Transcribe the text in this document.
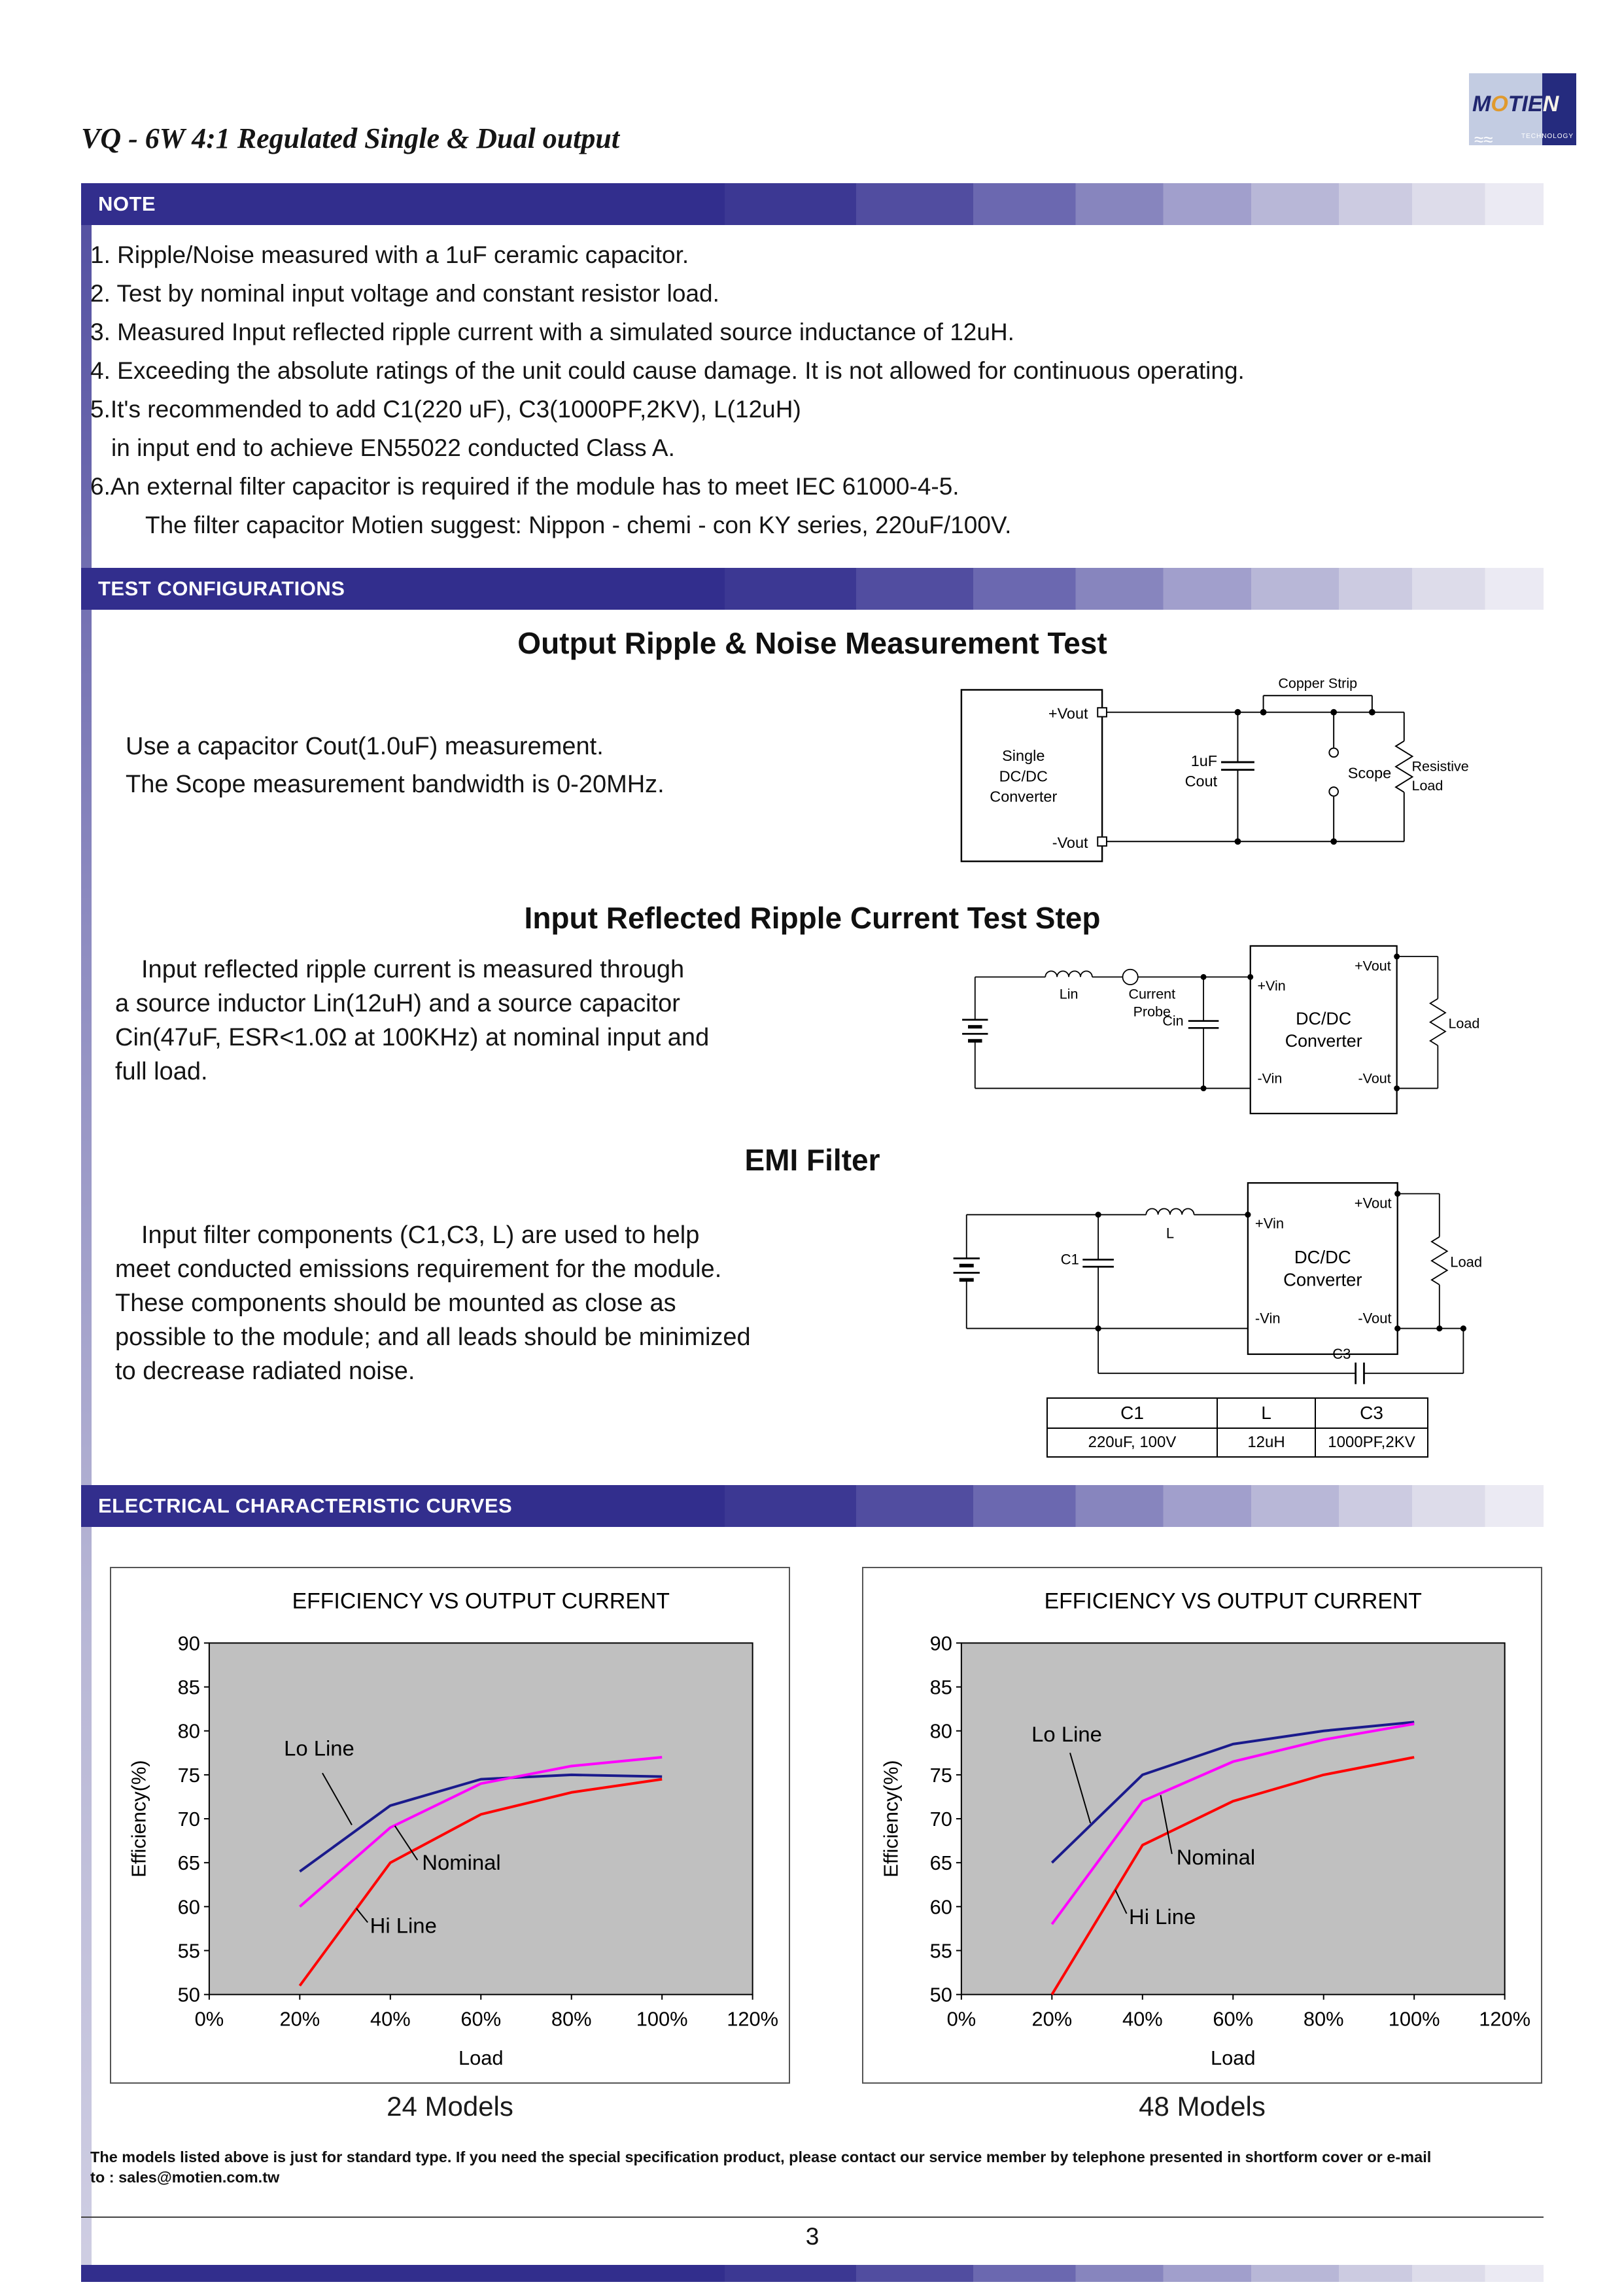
VQ - 6W 4:1 Regulated Single & Dual output	≈≈
MOTIEN
TECHNOLOGY
NOTE
1. Ripple/Noise measured with a 1uF ceramic capacitor.
2. Test by nominal input voltage and constant resistor load.
3. Measured Input reflected ripple current with a simulated source inductance of 12uH.
4. Exceeding the absolute ratings of the unit could cause damage. It is not allowed for continuous operating.
5.It's recommended to add C1(220 uF), C3(1000PF,2KV), L(12uH)
in input end to achieve EN55022 conducted Class A.
6.An external filter capacitor is required if the module has to meet IEC 61000-4-5.
The filter capacitor Motien suggest: Nippon - chemi - con KY series, 220uF/100V.
TEST CONFIGURATIONS
Output Ripple & Noise Measurement Test
Use a capacitor Cout(1.0uF) measurement.
The Scope measurement bandwidth is 0-20MHz.
Single
DC/DC
Converter
+Vout
-Vout
Copper Strip
1uF
Cout	Scope Resistive
Load
Input Reflected Ripple Current Test Step
Input reflected ripple current is measured through
a source inductor Lin(12uH) and a source capacitor
Cin(47uF, ESR<1.0Ω at 100KHz) at nominal input and
full load.
Lin	Current
Probe
Cin
+Vin
-Vin
+Vout
-Vout
DC/DC
Converter
Load
EMI Filter
Input filter components (C1,C3, L) are used to help
meet conducted emissions requirement for the module.
These components should be mounted as close as
possible to the module; and all leads should be minimized
to decrease radiated noise.
C1
L
+Vin
-Vin
+Vout
-Vout
DC/DC
Converter
Load
C3
C1	L	C3
220uF, 100V	12uH	1000PF,2KV
ELECTRICAL CHARACTERISTIC CURVES
EFFICIENCY VS OUTPUT CURRENT
50
55
60
65
70
75
80
85
90
0%	20% 40% 60% 80% 100% 120%
Load
Efficiency(%)
Lo Line
Nominal
Hi Line
EFFICIENCY VS OUTPUT CURRENT
50
55
60
65
70
75
80
85
90
0%	20% 40% 60% 80% 100% 120%
Load
Efficiency(%)
Lo Line
Nominal
Hi Line
24 Models	48 Models
The models listed above is just for standard type. If you need the special specification product, please contact our service member by telephone presented in shortform cover or e-mail
to : sales@motien.com.tw
3
